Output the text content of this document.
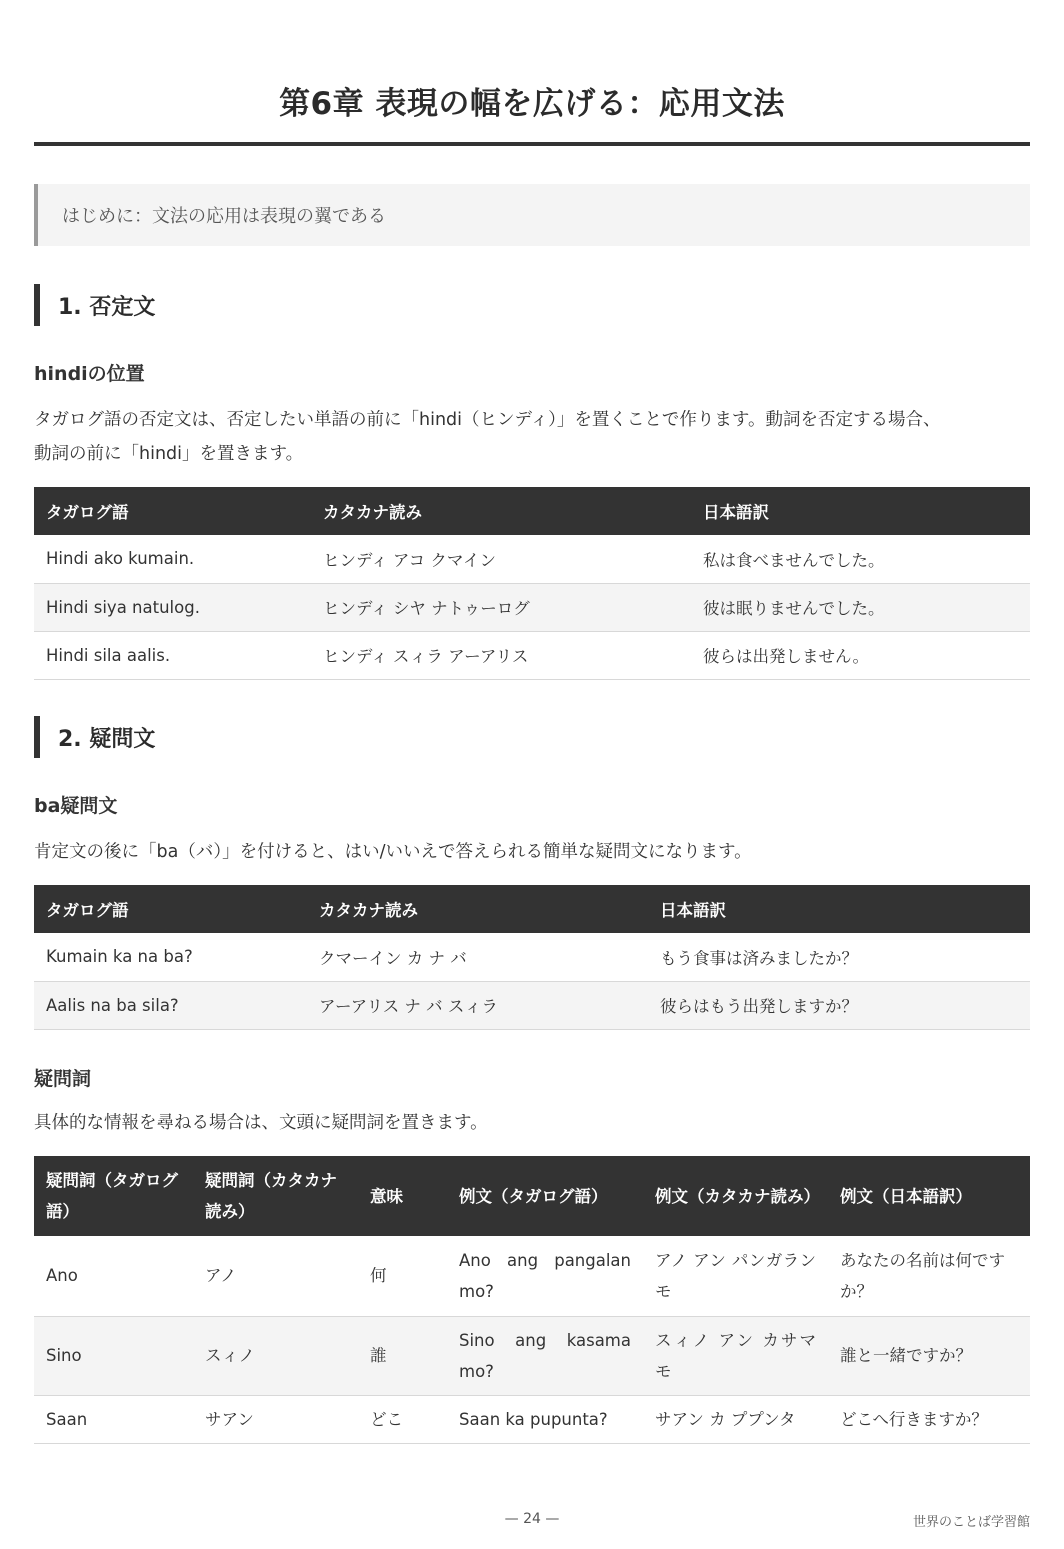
第6章 表現の幅を広げる：応用文法
はじめに：文法の応用は表現の翼である
1. 否定文
hindiの位置

タガログ語の否定文は、否定したい単語の前に「hindi（ヒンディ）」を置くことで作ります。動詞を否定する場合、
動詞の前に「hindi」を置きます。

タガログ語	カタカナ読み	日本語訳
Hindi ako kumain.	ヒンディ アコ クマイン	私は食べませんでした。
Hindi siya natulog.	ヒンディ シヤ ナトゥーログ	彼は眠りませんでした。
Hindi sila aalis.	ヒンディ スィラ アーアリス	彼らは出発しません。
2. 疑問文
ba疑問文

肯定文の後に「ba（バ）」を付けると、はい/いいえで答えられる簡単な疑問文になります。

タガログ語	カタカナ読み	日本語訳
Kumain ka na ba?	クマーイン カ ナ バ	もう食事は済みましたか？
Aalis na ba sila?	アーアリス ナ バ スィラ	彼らはもう出発しますか？
疑問詞

具体的な情報を尋ねる場合は、文頭に疑問詞を置きます。

疑問詞（タガログ語）	疑問詞（カタカナ読み）	意味	例文（タガログ語）	例文（カタカナ読み）	例文（日本語訳）
Ano	アノ	何	Ano ang pangalan mo?	アノ アン パンガラン モ	あなたの名前は何ですか？
Sino	スィノ	誰	Sino ang kasama mo?	スィノ アン カサマ モ	誰と一緒ですか？
Saan	サアン	どこ	Saan ka pupunta?	サアン カ ププンタ	どこへ行きますか？
— 24 —	世界のことば学習館
